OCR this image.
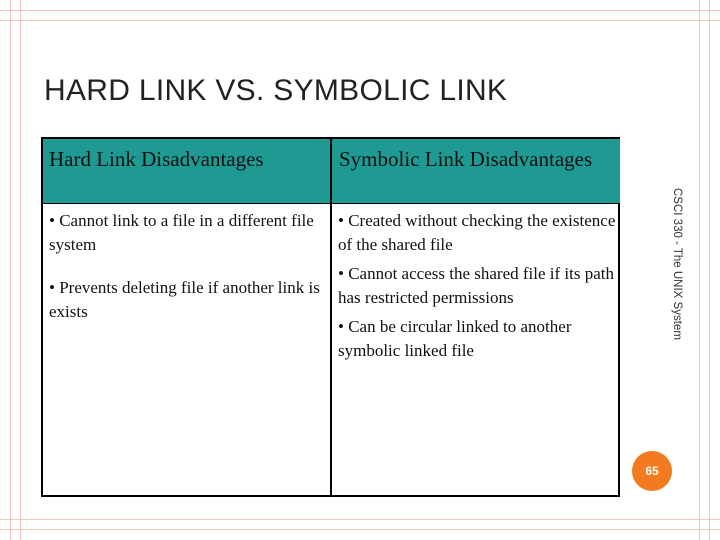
HARD LINK VS. SYMBOLIC LINK
Hard Link Disadvantages	Symbolic Link Disadvantages

• Cannot link to a file in a different file system

• Prevents deleting file if another link is exists

• Created without checking the existence of the shared file

• Cannot access the shared file if its path has restricted permissions

• Can be circular linked to another symbolic linked file

CSCI 330 - The UNIX System
65
